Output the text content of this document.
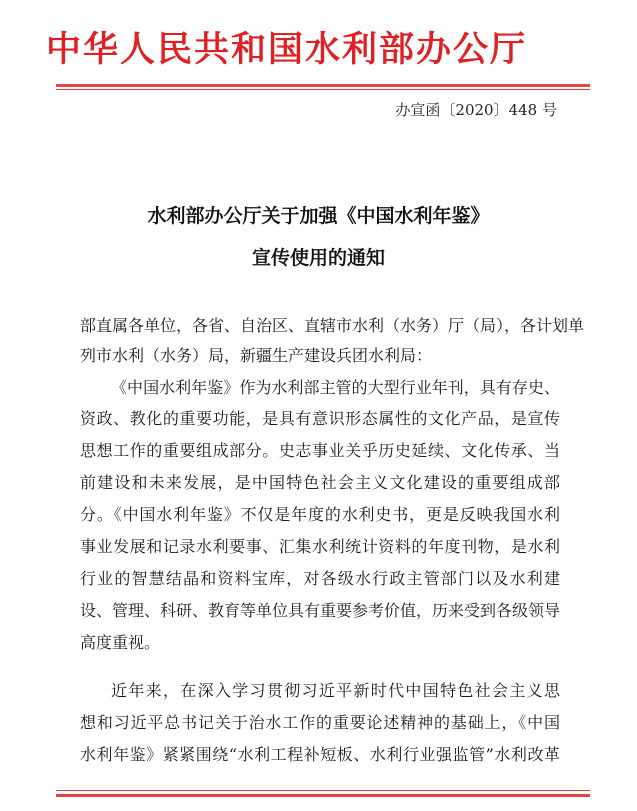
中华人民共和国水利部办公厅
办宣函〔2020〕448 号
水利部办公厅关于加强《中国水利年鉴》
宣传使用的通知
部直属各单位，各省、自治区、直辖市水利（水务）厅（局），各计划单
列市水利（水务）局，新疆生产建设兵团水利局：
《中国水利年鉴》作为水利部主管的大型行业年刊，具有存史、
资政、教化的重要功能，是具有意识形态属性的文化产品，是宣传
思想工作的重要组成部分。史志事业关乎历史延续、文化传承、当
前建设和未来发展，是中国特色社会主义文化建设的重要组成部
分。《中国水利年鉴》不仅是年度的水利史书，更是反映我国水利
事业发展和记录水利要事、汇集水利统计资料的年度刊物，是水利
行业的智慧结晶和资料宝库，对各级水行政主管部门以及水利建
设、管理、科研、教育等单位具有重要参考价值，历来受到各级领导
高度重视。
近年来，在深入学习贯彻习近平新时代中国特色社会主义思
想和习近平总书记关于治水工作的重要论述精神的基础上，《中国
水利年鉴》紧紧围绕“水利工程补短板、水利行业强监管”水利改革
